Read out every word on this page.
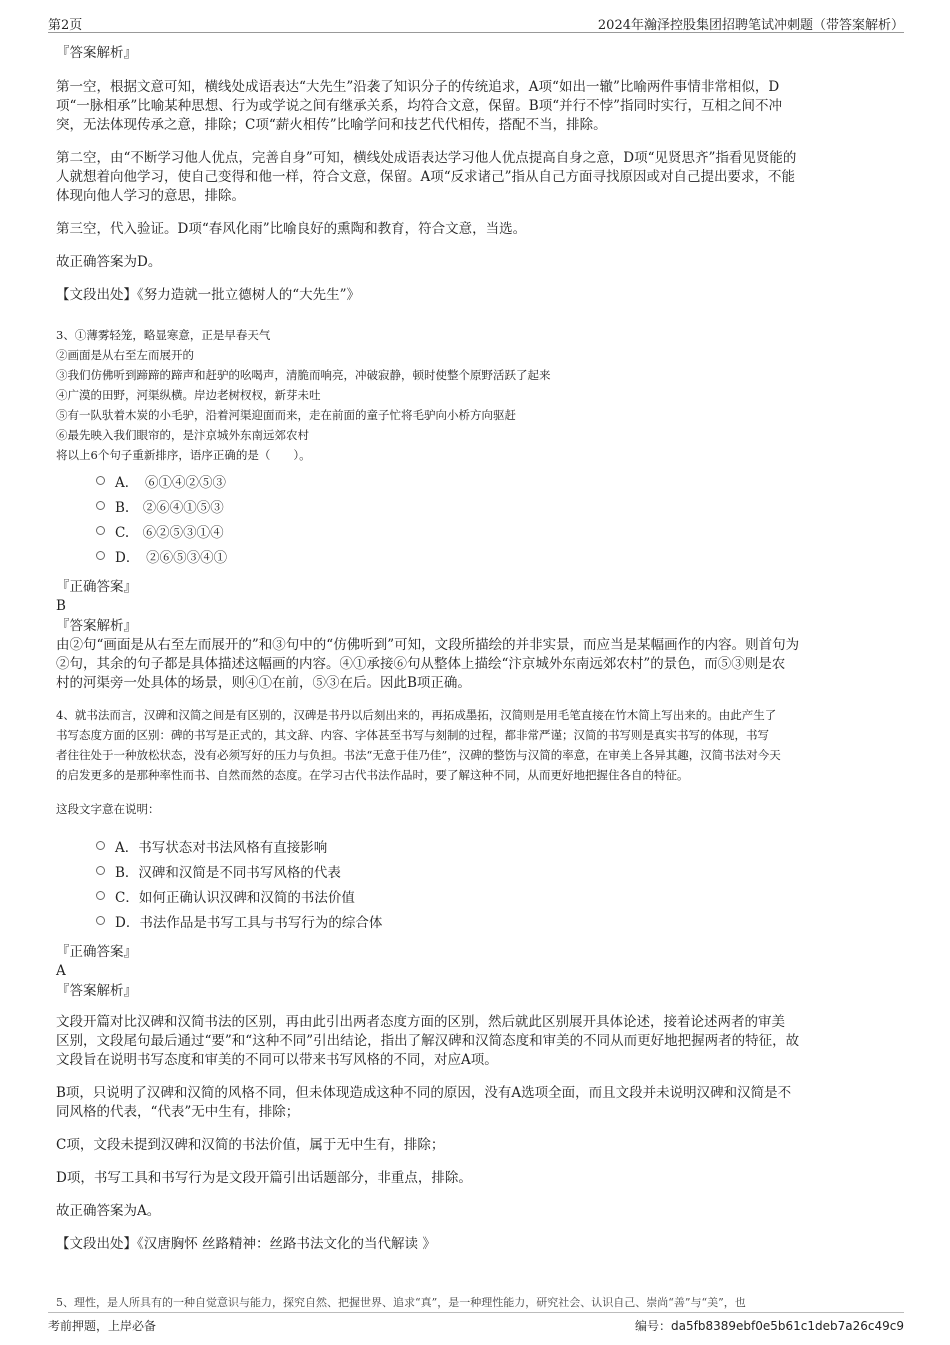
第2页	2024年瀚泽控股集团招聘笔试冲刺题（带答案解析）
『答案解析』
第一空，根据文意可知，横线处成语表达“大先生”沿袭了知识分子的传统追求，A项“如出一辙”比喻两件事情非常相似，D
项“一脉相承”比喻某种思想、行为或学说之间有继承关系，均符合文意，保留。B项“并行不悖”指同时实行，互相之间不冲
突，无法体现传承之意，排除；C项“薪火相传”比喻学问和技艺代代相传，搭配不当，排除。
第二空，由“不断学习他人优点，完善自身”可知，横线处成语表达学习他人优点提高自身之意，D项“见贤思齐”指看见贤能的
人就想着向他学习，使自己变得和他一样，符合文意，保留。A项“反求诸己”指从自己方面寻找原因或对自己提出要求，不能
体现向他人学习的意思，排除。
第三空，代入验证。D项“春风化雨”比喻良好的熏陶和教育，符合文意，当选。
故正确答案为D。
【文段出处】《努力造就一批立德树人的“大先生”》
3、①薄雾轻笼，略显寒意，正是早春天气
②画面是从右至左而展开的
③我们仿佛听到蹄蹄的蹄声和赶驴的吆喝声，清脆而响亮，冲破寂静，顿时使整个原野活跃了起来
④广漠的田野，河渠纵横。岸边老树杈杈，新芽未吐
⑤有一队驮着木炭的小毛驴，沿着河渠迎面而来，走在前面的童子忙将毛驴向小桥方向驱赶
⑥最先映入我们眼帘的，是汴京城外东南远郊农村
将以上6个句子重新排序，语序正确的是（　　）。
A．　⑥①④②⑤③
B.　②⑥④①⑤③
C.　⑥②⑤③①④
D．　②⑥⑤③④①
『正确答案』
B
『答案解析』
由②句“画面是从右至左而展开的”和③句中的“仿佛听到”可知，文段所描绘的并非实景，而应当是某幅画作的内容。则首句为
②句，其余的句子都是具体描述这幅画的内容。④①承接⑥句从整体上描绘“汴京城外东南远郊农村”的景色，而⑤③则是农
村的河渠旁一处具体的场景，则④①在前，⑤③在后。因此B项正确。
4、就书法而言，汉碑和汉简之间是有区别的，汉碑是书丹以后刻出来的，再拓成墨拓，汉简则是用毛笔直接在竹木简上写出来的。由此产生了
书写态度方面的区别：碑的书写是正式的，其文辞、内容、字体甚至书写与刻制的过程，都非常严谨；汉简的书写则是真实书写的体现，书写
者往往处于一种放松状态，没有必须写好的压力与负担。书法“无意于佳乃佳”，汉碑的整饬与汉简的率意，在审美上各异其趣，汉简书法对今天
的启发更多的是那种率性而书、自然而然的态度。在学习古代书法作品时，要了解这种不同，从而更好地把握住各自的特征。
这段文字意在说明：
A．书写状态对书法风格有直接影响
B．汉碑和汉简是不同书写风格的代表
C．如何正确认识汉碑和汉简的书法价值
D．书法作品是书写工具与书写行为的综合体
『正确答案』
A
『答案解析』
文段开篇对比汉碑和汉简书法的区别，再由此引出两者态度方面的区别，然后就此区别展开具体论述，接着论述两者的审美
区别，文段尾句最后通过“要”和“这种不同”引出结论，指出了解汉碑和汉简态度和审美的不同从而更好地把握两者的特征，故
文段旨在说明书写态度和审美的不同可以带来书写风格的不同，对应A项。
B项，只说明了汉碑和汉简的风格不同，但未体现造成这种不同的原因，没有A选项全面，而且文段并未说明汉碑和汉简是不
同风格的代表，“代表”无中生有，排除；
C项，文段未提到汉碑和汉简的书法价值，属于无中生有，排除；
D项，书写工具和书写行为是文段开篇引出话题部分，非重点，排除。
故正确答案为A。
【文段出处】《汉唐胸怀 丝路精神：丝路书法文化的当代解读 》
5、理性，是人所具有的一种自觉意识与能力，探究自然、把握世界、追求“真”，是一种理性能力，研究社会、认识自己、崇尚“善”与“美”，也
考前押题，上岸必备	编号：da5fb8389ebf0e5b61c1deb7a26c49c9
